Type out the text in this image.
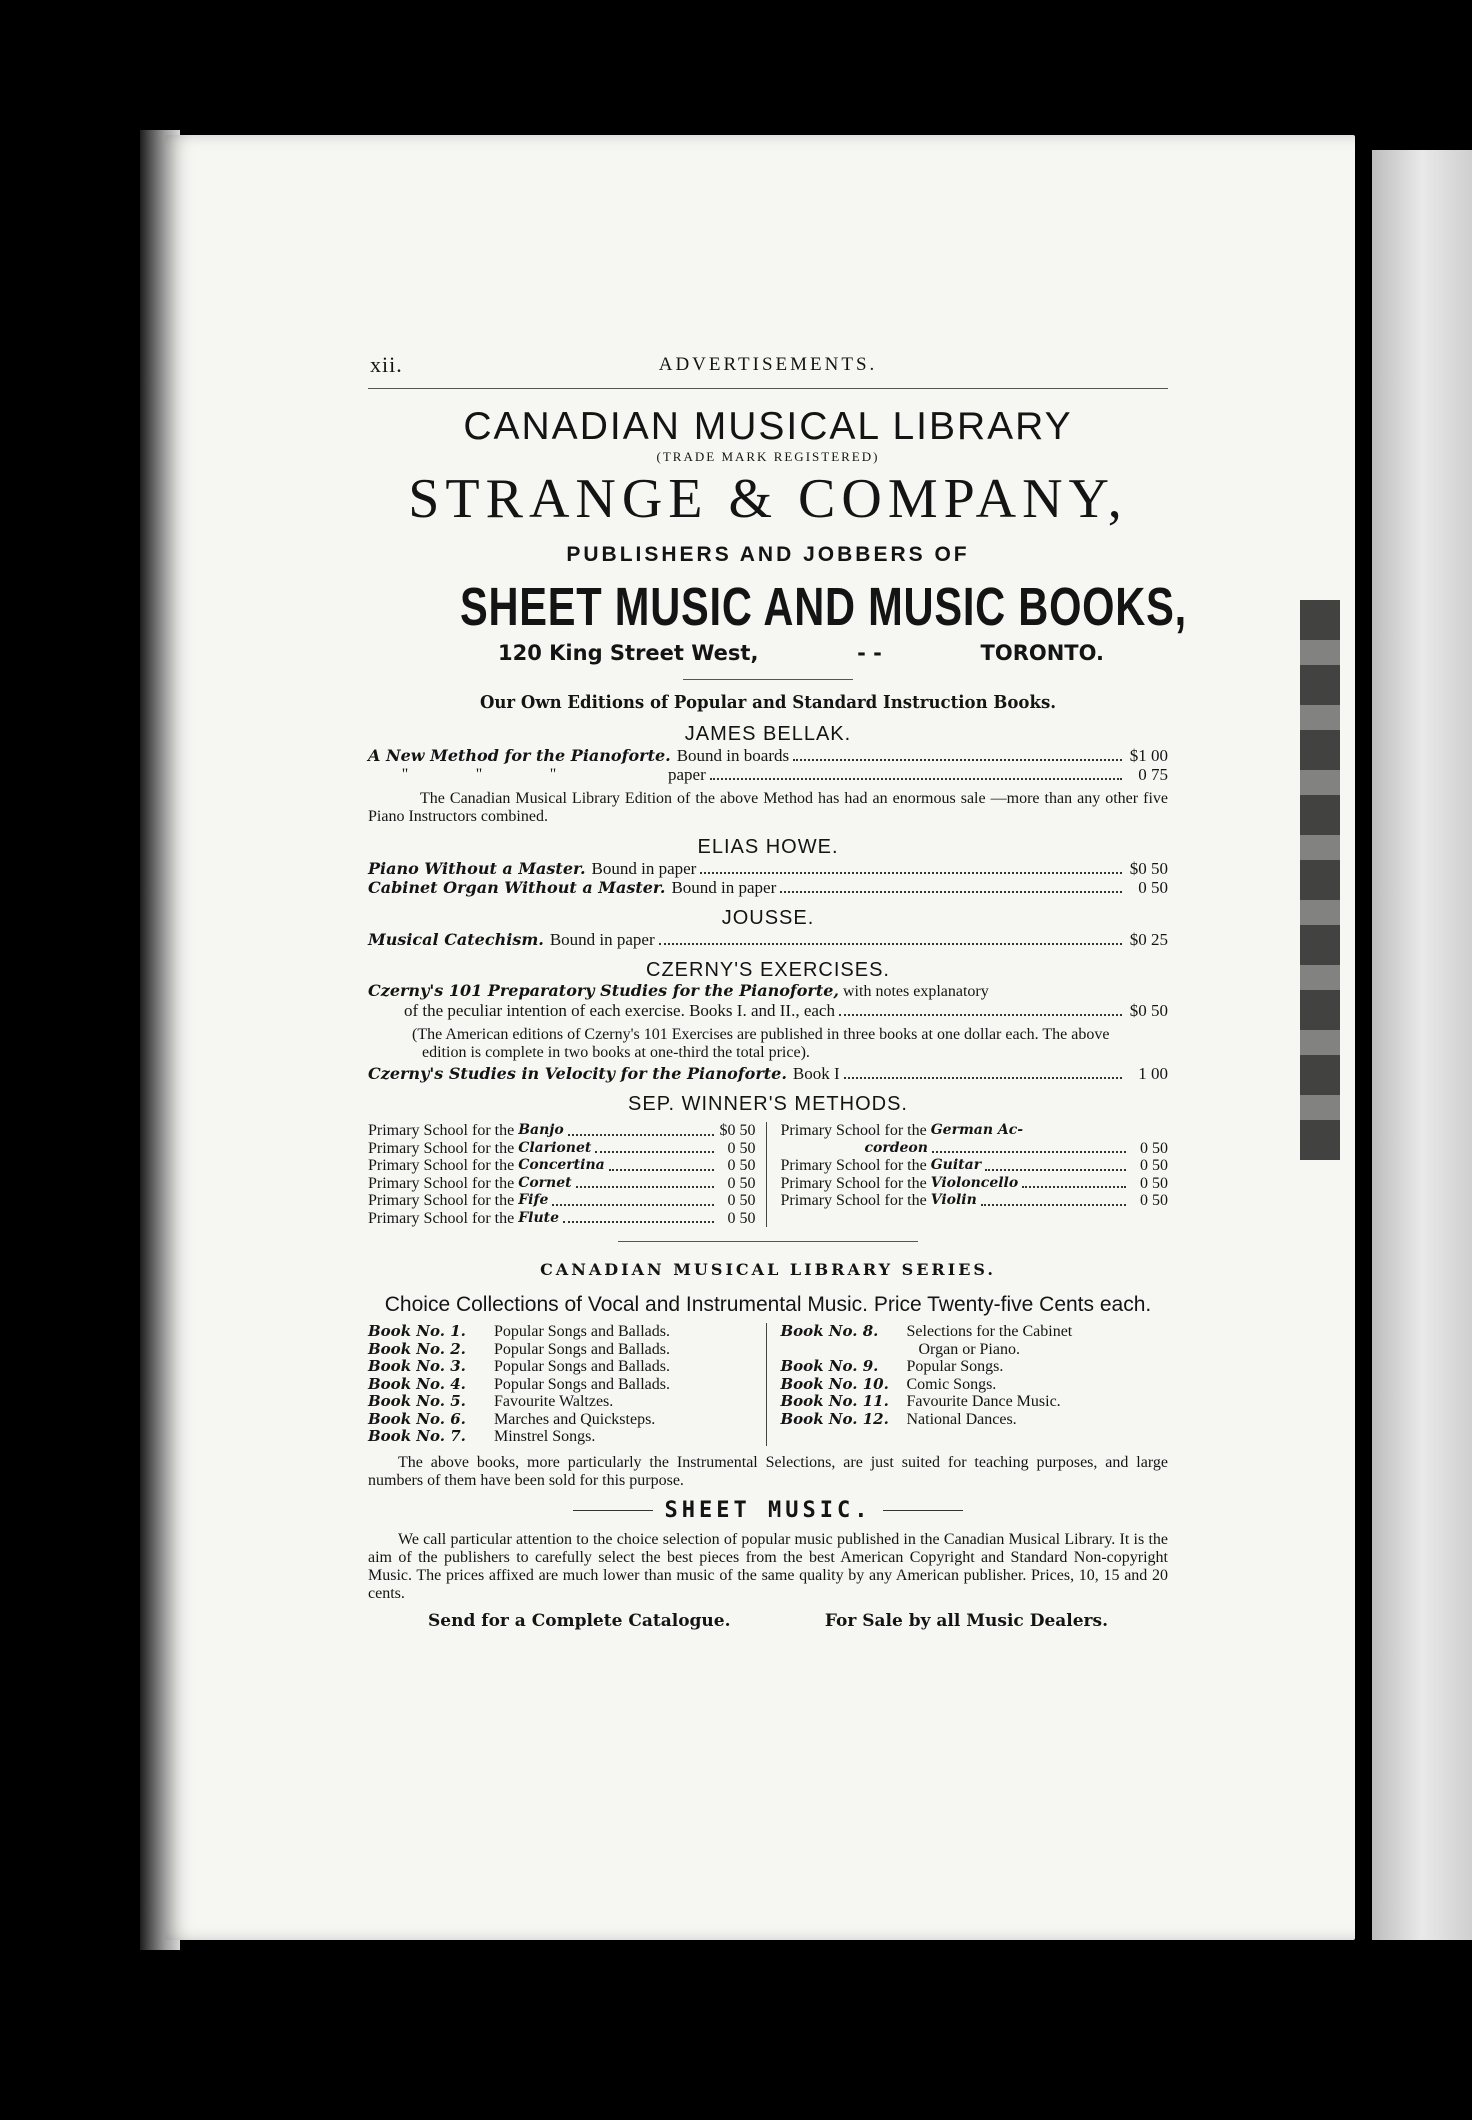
xii.	ADVERTISEMENTS.
CANADIAN MUSICAL LIBRARY
(TRADE MARK REGISTERED)
STRANGE & COMPANY,
PUBLISHERS AND JOBBERS OF
SHEET MUSIC AND MUSIC BOOKS,
120 King Street West,	- -	TORONTO.
Our Own Editions of Popular and Standard Instruction Books.
JAMES BELLAK.
A New Method for the Pianoforte. Bound in boards	$1 00
"	"	"	paper	0 75
The Canadian Musical Library Edition of the above Method has had an enormous sale —more than any other five Piano Instructors combined.
ELIAS HOWE.
Piano Without a Master. Bound in paper	$0 50
Cabinet Organ Without a Master. Bound in paper	0 50
JOUSSE.
Musical Catechism. Bound in paper	$0 25
CZERNY'S EXERCISES.
Czerny's 101 Preparatory Studies for the Pianoforte, with notes explanatory
of the peculiar intention of each exercise. Books I. and II., each	$0 50
(The American editions of Czerny's 101 Exercises are published in three books at one dollar each. The above edition is complete in two books at one-third the total price).
Czerny's Studies in Velocity for the Pianoforte. Book I	1 00
SEP. WINNER'S METHODS.
Primary School for the Banjo	$0 50
Primary School for the Clarionet	0 50
Primary School for the Concertina	0 50
Primary School for the Cornet	0 50
Primary School for the Fife	0 50
Primary School for the Flute	0 50
Primary School for the German Ac-
cordeon	0 50
Primary School for the Guitar	0 50
Primary School for the Violoncello	0 50
Primary School for the Violin	0 50
CANADIAN MUSICAL LIBRARY SERIES.
Choice Collections of Vocal and Instrumental Music. Price Twenty-five Cents each.
Book No. 1.	Popular Songs and Ballads.
Book No. 2.	Popular Songs and Ballads.
Book No. 3.	Popular Songs and Ballads.
Book No. 4.	Popular Songs and Ballads.
Book No. 5.	Favourite Waltzes.
Book No. 6.	Marches and Quicksteps.
Book No. 7.	Minstrel Songs.
Book No. 8.	Selections for the Cabinet
Organ or Piano.
Book No. 9.	Popular Songs.
Book No. 10.	Comic Songs.
Book No. 11.	Favourite Dance Music.
Book No. 12.	National Dances.
The above books, more particularly the Instrumental Selections, are just suited for teaching purposes, and large numbers of them have been sold for this purpose.
SHEET MUSIC.
We call particular attention to the choice selection of popular music published in the Canadian Musical Library. It is the aim of the publishers to carefully select the best pieces from the best American Copyright and Standard Non-copyright Music. The prices affixed are much lower than music of the same quality by any American publisher. Prices, 10, 15 and 20 cents.
Send for a Complete Catalogue.	For Sale by all Music Dealers.
